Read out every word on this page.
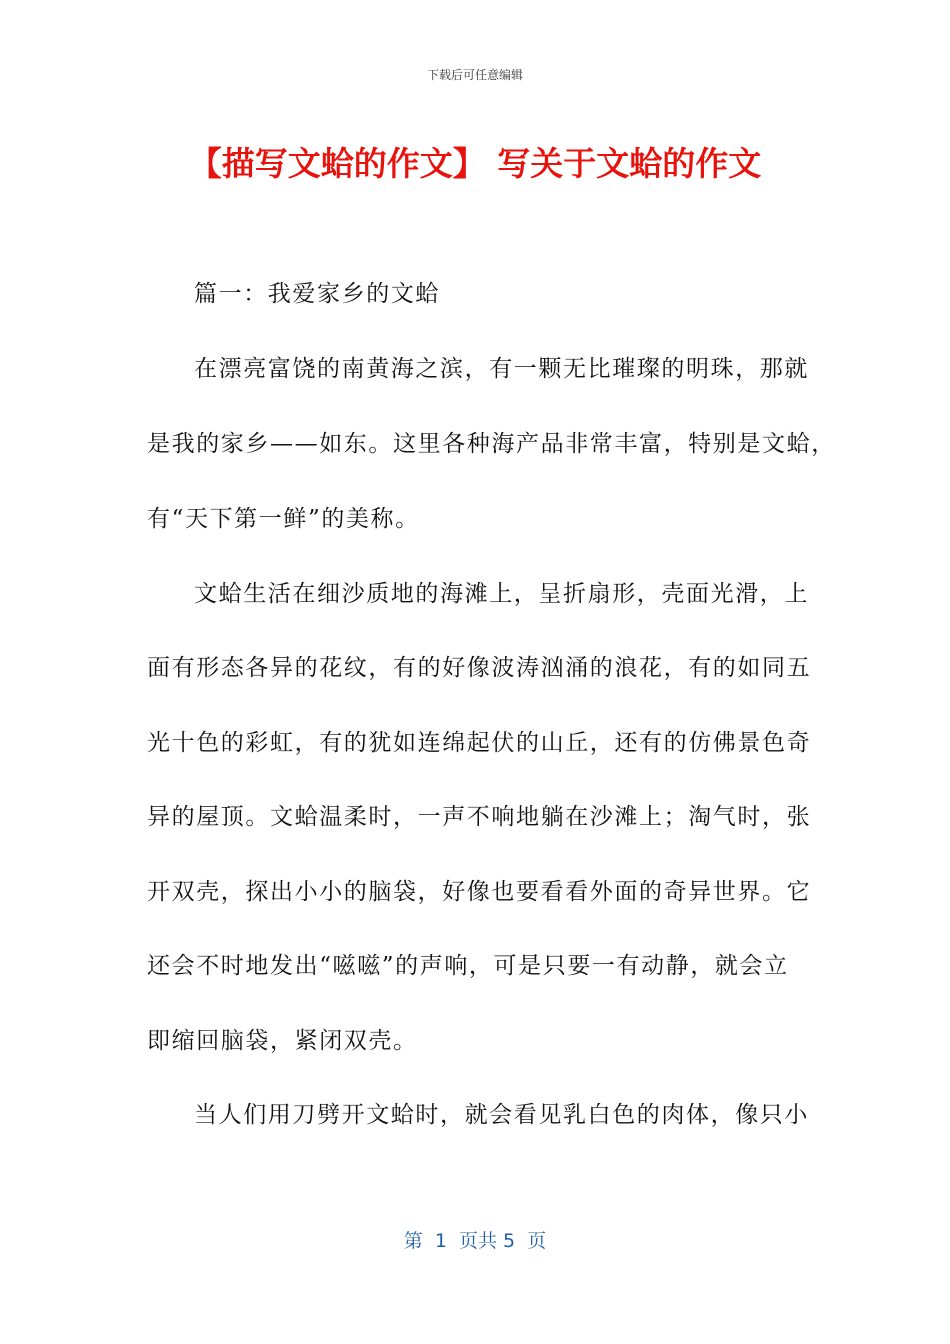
下载后可任意编辑
【描写文蛤的作文】 写关于文蛤的作文
篇一：我爱家乡的文蛤
在漂亮富饶的南黄海之滨，有一颗无比璀璨的明珠，那就
是我的家乡——如东。这里各种海产品非常丰富，特别是文蛤，
有“天下第一鲜”的美称。
文蛤生活在细沙质地的海滩上，呈折扇形，壳面光滑，上
面有形态各异的花纹，有的好像波涛汹涌的浪花，有的如同五
光十色的彩虹，有的犹如连绵起伏的山丘，还有的仿佛景色奇
异的屋顶。文蛤温柔时，一声不响地躺在沙滩上；淘气时，张
开双壳，探出小小的脑袋，好像也要看看外面的奇异世界。它
还会不时地发出“嗞嗞”的声响，可是只要一有动静，就会立
即缩回脑袋，紧闭双壳。
当人们用刀劈开文蛤时，就会看见乳白色的肉体，像只小
第  1  页共 5  页
